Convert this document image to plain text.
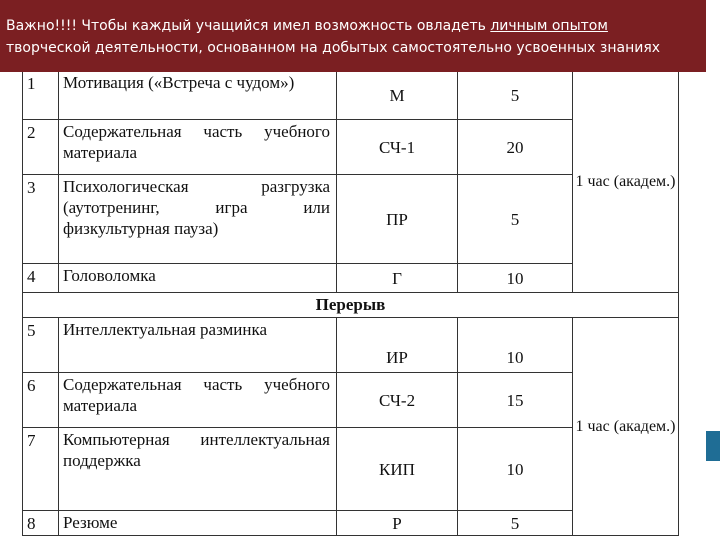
1	Мотивация («Встреча с чудом»)	М	5	1 час (академ.)
2	Содержательная часть учебного материала	СЧ-1	20	
3	Психологическая разгрузка (аутотренинг, игра или физкультурная пауза)	ПР	5	
4	Головоломка	Г	10	
Перерыв				
5	Интеллектуальная разминка	ИР	10	1 час (академ.)
6	Содержательная часть учебного материала	СЧ-2	15	
7	Компьютерная интеллектуальная поддержка	КИП	10	
8	Резюме	Р	5	
Важно!!!! Чтобы каждый учащийся имел возможность овладеть личным опытом
творческой деятельности, основанном на добытых самостоятельно усвоенных знаниях
